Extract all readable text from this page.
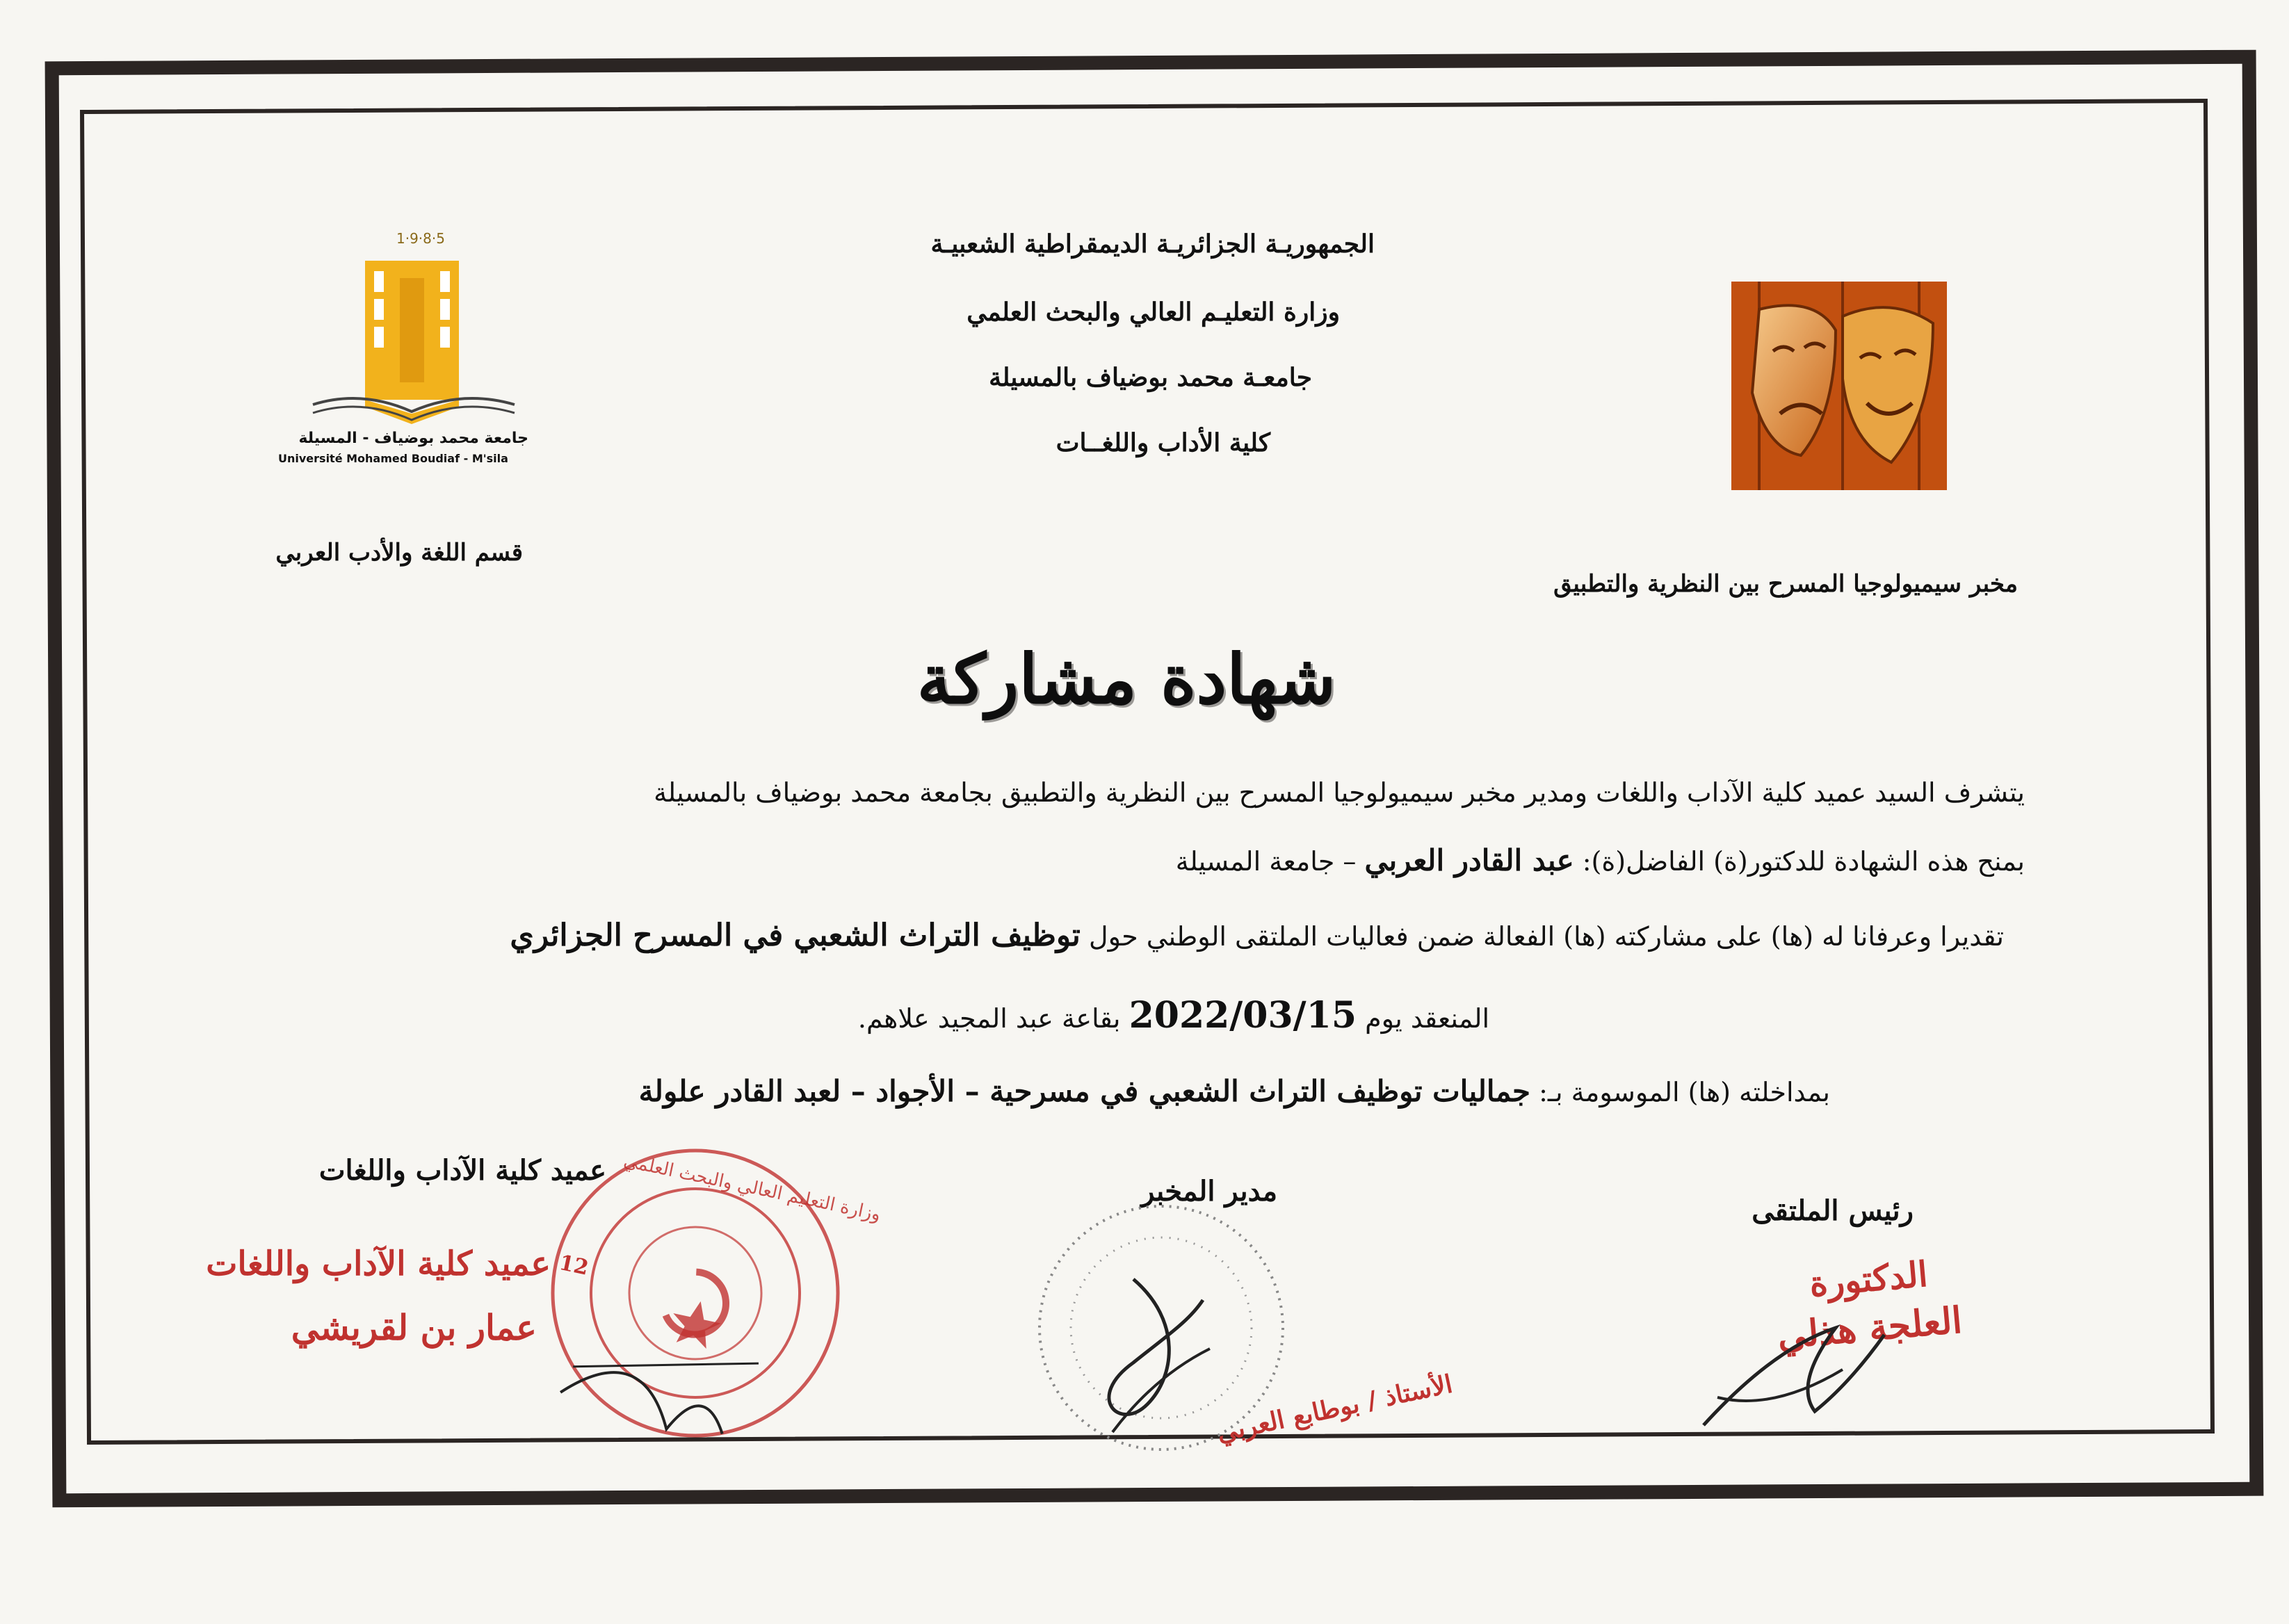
الجمهوريـة الجزائريـة الديمقراطية الشعبيـة
وزارة التعليـم العالي والبحث العلمي
جامعـة محمد بوضياف بالمسيلة
كلية الأداب واللغــات
1·9·8·5
جامعة محمد بوضياف - المسيلة
Université Mohamed Boudiaf - M'sila
قسم اللغة والأدب العربي
مخبر سيميولوجيا المسرح بين النظرية والتطبيق
شهادة مشاركة
يتشرف السيد عميد كلية الآداب واللغات ومدير مخبر سيميولوجيا المسرح بين النظرية والتطبيق بجامعة محمد بوضياف بالمسيلة
بمنح هذه الشهادة للدكتور(ة) الفاضل(ة): عبد القادر العربي – جامعة المسيلة
تقديرا وعرفانا له (ها) على مشاركته (ها) الفعالة ضمن فعاليات الملتقى الوطني حول توظيف التراث الشعبي في المسرح الجزائري
المنعقد يوم 2022/03/15 بقاعة عبد المجيد علاهم.
بمداخلته (ها) الموسومة بـ: جماليات توظيف التراث الشعبي في مسرحية – الأجواد – لعبد القادر علولة
عميد كلية الآداب واللغات
مدير المخبر
رئيس الملتقى
عميد كلية الآداب واللغات
عمار بن لقريشي
وزارة التعليم العالي والبحث العلمي
12
الأستاذ / بوطابع العربي
الدكتورة
العلجة هذلي
